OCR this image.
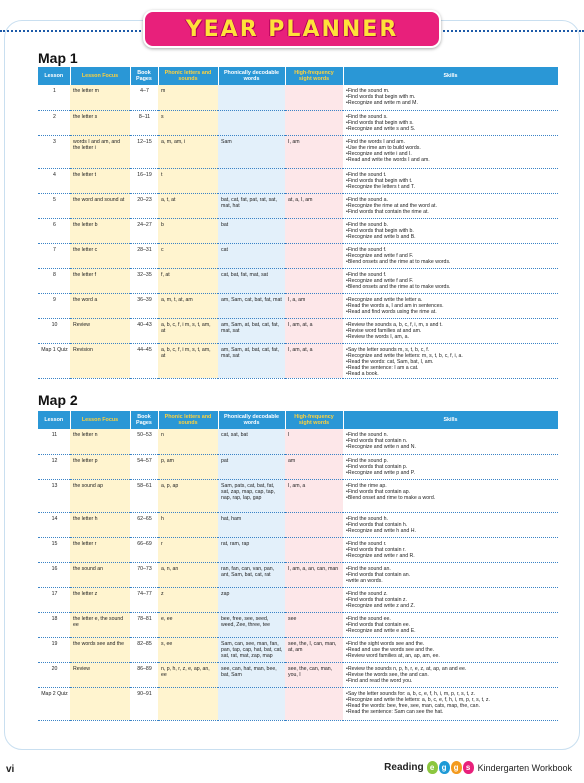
YEAR PLANNER
Map 1
Lesson	Lesson Focus	Book Pages	Phonic letters and sounds	Phonically decodable words	High-frequency sight words	Skills
1	the letter m	4–7	m			• Find the sound m.
• Find words that begin with m.
• Recognize and write m and M.

2	the letter s	8–11	s			• Find the sound s.
• Find words that begin with s.
• Recognize and write s and S.

3	words I and am, and the letter i	12–15	a, m, am, i	Sam	I, am	• Find the words I and am.
• Use the rime am to build words.
• Recognize and write i and I.
• Read and write the words I and am.

4	the letter t	16–19	t			• Find the sound t.
• Find words that begin with t.
• Recognize the letters t and T.

5	the word and sound at	20–23	a, t, at	bat, cat, fat, pat, rat, sat, mat, hat	at, a, I, am	• Find the sound a.
• Recognize the rime at and the word at.
• Find words that contain the rime at.

6	the letter b	24–27	b	bat		• Find the sound b.
• Find words that begin with b.
• Recognize and write b and B.

7	the letter c	28–31	c	cat		• Find the sound f.
• Recognize and write f and F.
• Blend onsets and the rime at to make words.

8	the letter f	32–35	f, at	cat, bat, fat, mat, sat		• Find the sound f.
• Recognize and write f and F.
• Blend onsets and the rime at to make words.

9	the word a	36–39	a, m, t, at, am	am, Sam, cat, bat, fat, mat	I, a, am	• Recognize and write the letter a.
• Read the words a, I and am in sentences.
• Read and find words using the rime at.

10	Review	40–43	a, b, c, f, i m, s, t, am, at	am, Sam, at, bat, cat, fat, mat, sat	I, am, at, a	• Review the sounds a, b, c, f, i, m, s and t.
• Revise word families at and am.
• Review the words I, am, a.

Map 1 Quiz	Revision	44–45	a, b, c, f, i m, s, t, am, at	am, Sam, at, bat, cat, fat, mat, sat	I, am, at, a	• Say the letter sounds m, s, t, b, c, f.
• Recognize and write the letters: m, s, t, b, c, f, i, a.
• Read the words: cat, Sam, bat, I, am.
• Read the sentence: I am a cat.
• Read a book.
Map 2
Lesson	Lesson Focus	Book Pages	Phonic letters and sounds	Phonically decodable words	High-frequency sight words	Skills
11	the letter n	50–53	n	cat, sat, bat	I	• Find the sound n.
• Find words that contain n.
• Recognize and write n and N.

12	the letter p	54–57	p, am	pat	am	• Find the sound p.
• Find words that contain p.
• Recognize and write p and P.

13	the sound ap	58–61	a, p, ap	Sam, pats, cat, bat, fat, sat, zap, map, cap, tap, nap, rap, lap, gap	I, am, a	• Find the rime ap.
• Find words that contain ap.
• Blend onset and rime to make a word.

14	the letter h	62–65	h	hat, ham		• Find the sound h.
• Find words that contain h.
• Recognize and write h and H.

15	the letter r	66–69	r	rat, ram, rap		• Find the sound r.
• Find words that contain r.
• Recognize and write r and R.

16	the sound an	70–73	a, n, an	ran, fan, can, van, pan, ant, Sam, bat, cat, rat	I, am, a, an, can, man	• Find the sound an.
• Find words that contain an.
• write an words.

17	the letter z	74–77	z	zap		• Find the sound z.
• Find words that contain z.
• Recognize and write z and Z.

18	the letter e, the sound ee	78–81	e, ee	bee, free, see, seed, weed, Zee, three, tee	see	• Find the sound ee.
• Find words that contain ee.
• Recognize and write e and E.

19	the words see and the	82–85	s, ee	Sam, can, see, man, fan, pan, tap, cap, hat, bat, cat, sat, rat, mat, zap, map	see, the, I, can, man, at, am	• Find the sight words see and the.
• Read and use the words see and the.
• Review word families at, an, ap, am, ee.

20	Review	86–89	n, p, h, r, z, e, ap, an, ee	see, can, hat, man, bee, bat, Sam	see, the, can, man, you, I	• Review the sounds n, p, h, r, e, z, at, ap, an and ee.
• Revise the words see, the and can.
• Find and read the word you.

Map 2 Quiz		90–91				• Say the letter sounds for: a, b, c, e, f, h, i, m, p, r, s, t, z.
• Recognize and write the letters: a, b, c, e, f, h, i, m, p, r, s, t, z.
• Read the words: bee, free, see, man, cats, map, the, can.
• Read the sentence: Sam can see the hat.
vi	Reading e g g s Kindergarten Workbook
